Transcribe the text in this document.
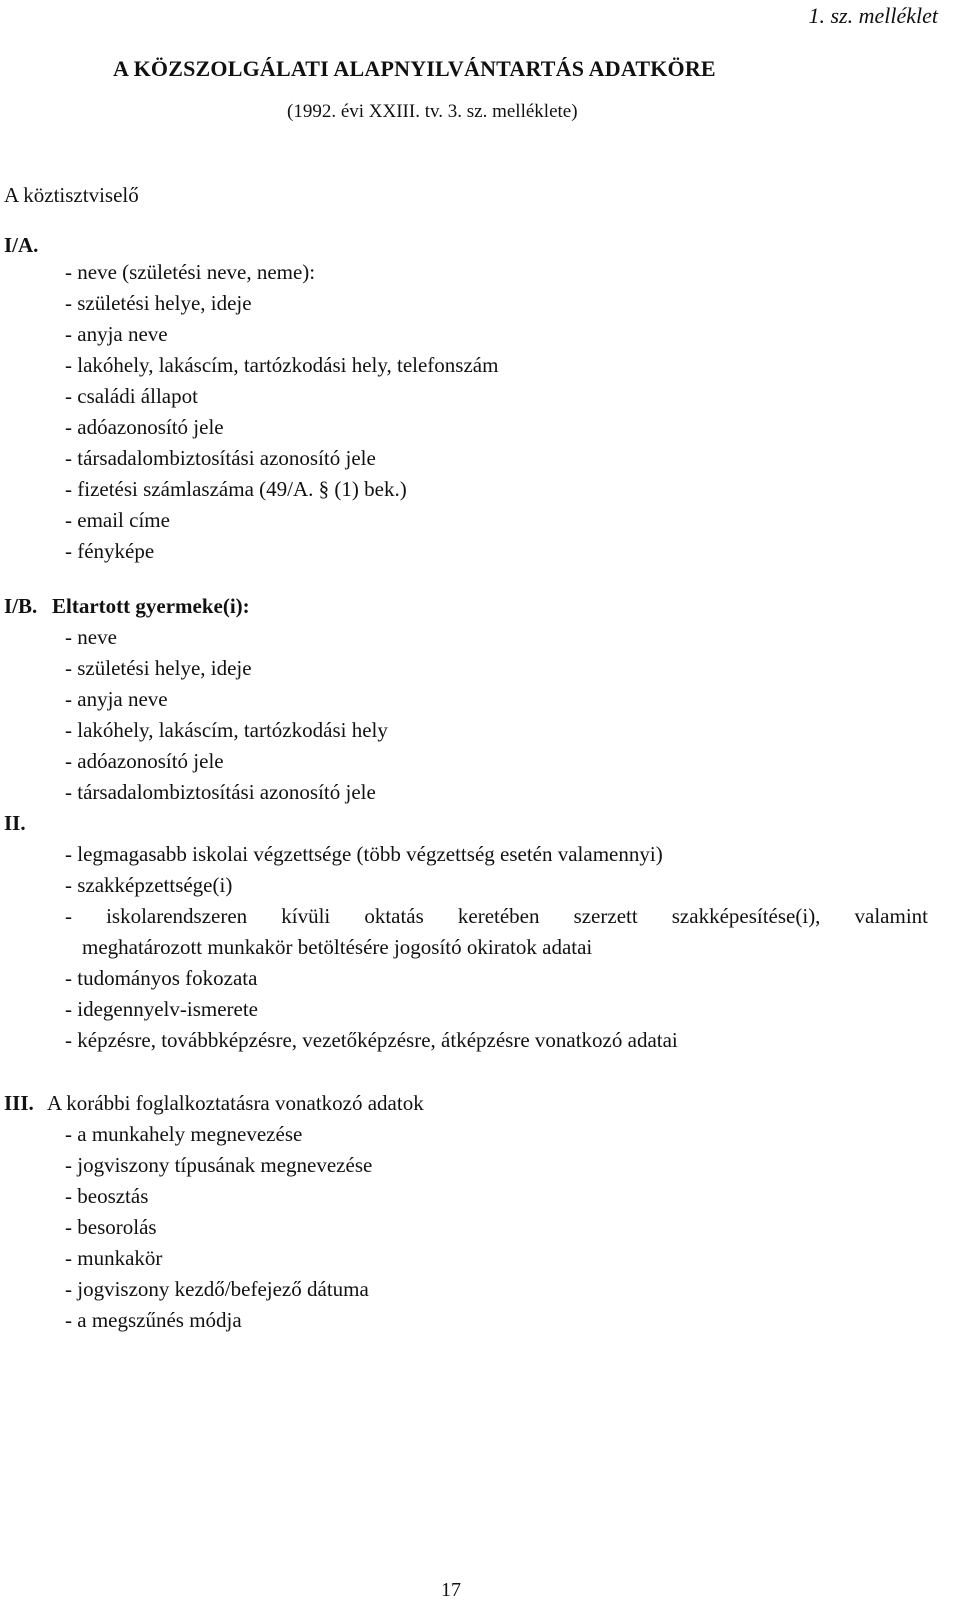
1. sz. melléklet
A KÖZSZOLGÁLATI ALAPNYILVÁNTARTÁS ADATKÖRE
(1992. évi XXIII. tv. 3. sz. melléklete)
A köztisztviselő
I/A.
- neve (születési neve, neme):
- születési helye, ideje
- anyja neve
- lakóhely, lakáscím, tartózkodási hely, telefonszám
- családi állapot
- adóazonosító jele
- társadalombiztosítási azonosító jele
- fizetési számlaszáma (49/A. § (1) bek.)
- email címe
- fényképe
I/B. Eltartott gyermeke(i):
- neve
- születési helye, ideje
- anyja neve
- lakóhely, lakáscím, tartózkodási hely
- adóazonosító jele
- társadalombiztosítási azonosító jele
II.
- legmagasabb iskolai végzettsége (több végzettség esetén valamennyi)
- szakképzettsége(i)
- iskolarendszeren kívüli oktatás keretében szerzett szakképesítése(i), valamint
meghatározott munkakör betöltésére jogosító okiratok adatai
- tudományos fokozata
- idegennyelv-ismerete
- képzésre, továbbképzésre, vezetőképzésre, átképzésre vonatkozó adatai
III. A korábbi foglalkoztatásra vonatkozó adatok
- a munkahely megnevezése
- jogviszony típusának megnevezése
- beosztás
- besorolás
- munkakör
- jogviszony kezdő/befejező dátuma
- a megszűnés módja
17
